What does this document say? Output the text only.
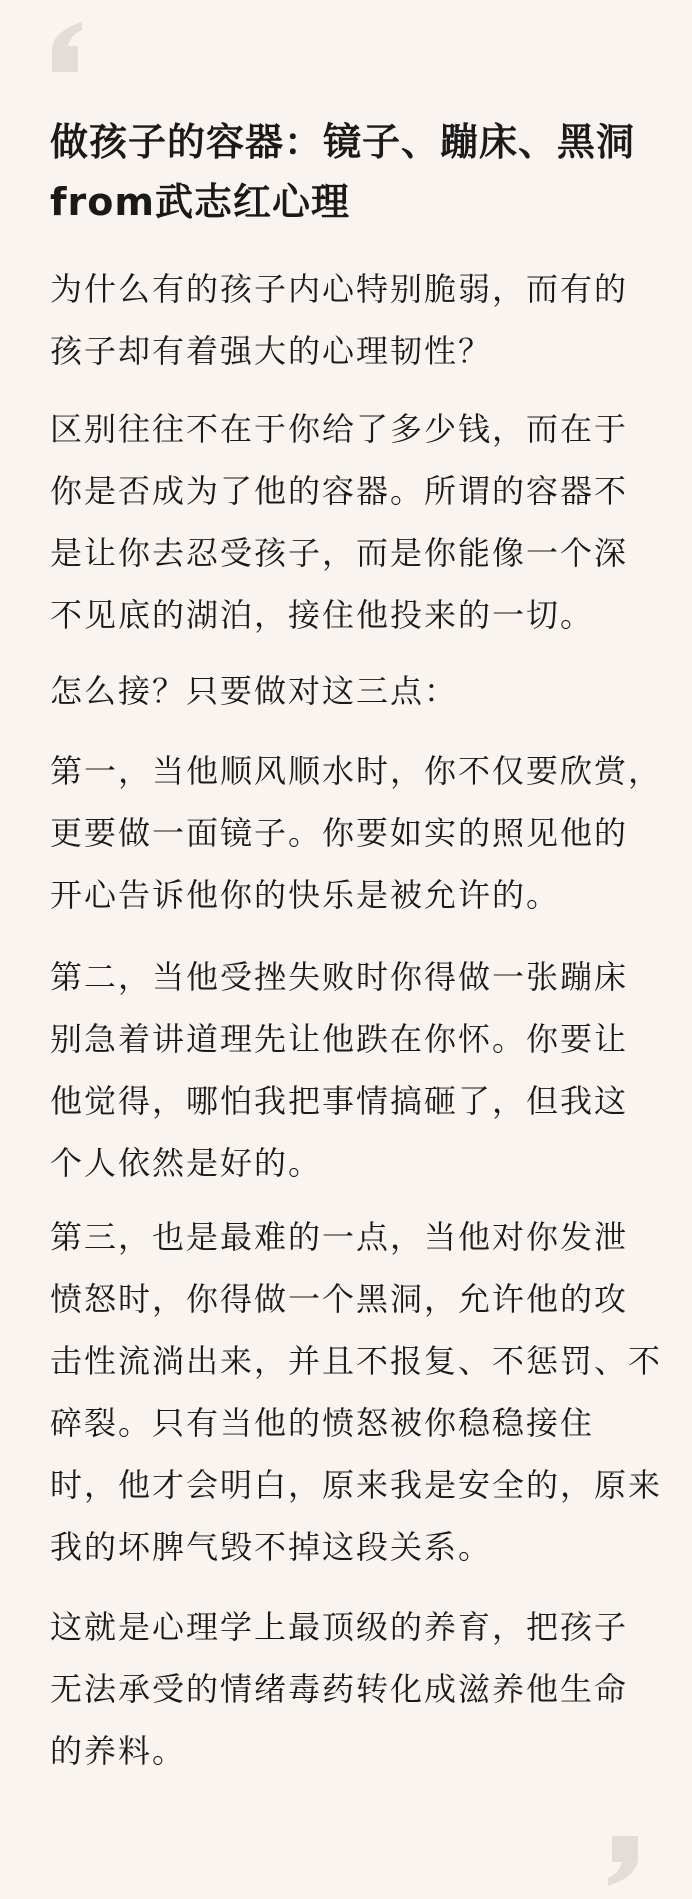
做孩子的容器：镜子、蹦床、黑洞
from武志红心理
为什么有的孩子内心特别脆弱，而有的
孩子却有着强大的心理韧性？
区别往往不在于你给了多少钱，而在于
你是否成为了他的容器。所谓的容器不
是让你去忍受孩子，而是你能像一个深
不见底的湖泊，接住他投来的一切。
怎么接？只要做对这三点：
第一，当他顺风顺水时，你不仅要欣赏，
更要做一面镜子。你要如实的照见他的
开心告诉他你的快乐是被允许的。
第二，当他受挫失败时你得做一张蹦床
别急着讲道理先让他跌在你怀。你要让
他觉得，哪怕我把事情搞砸了，但我这
个人依然是好的。
第三，也是最难的一点，当他对你发泄
愤怒时，你得做一个黑洞，允许他的攻
击性流淌出来，并且不报复、不惩罚、不
碎裂。只有当他的愤怒被你稳稳接住
时，他才会明白，原来我是安全的，原来
我的坏脾气毁不掉这段关系。
这就是心理学上最顶级的养育，把孩子
无法承受的情绪毒药转化成滋养他生命
的养料。
